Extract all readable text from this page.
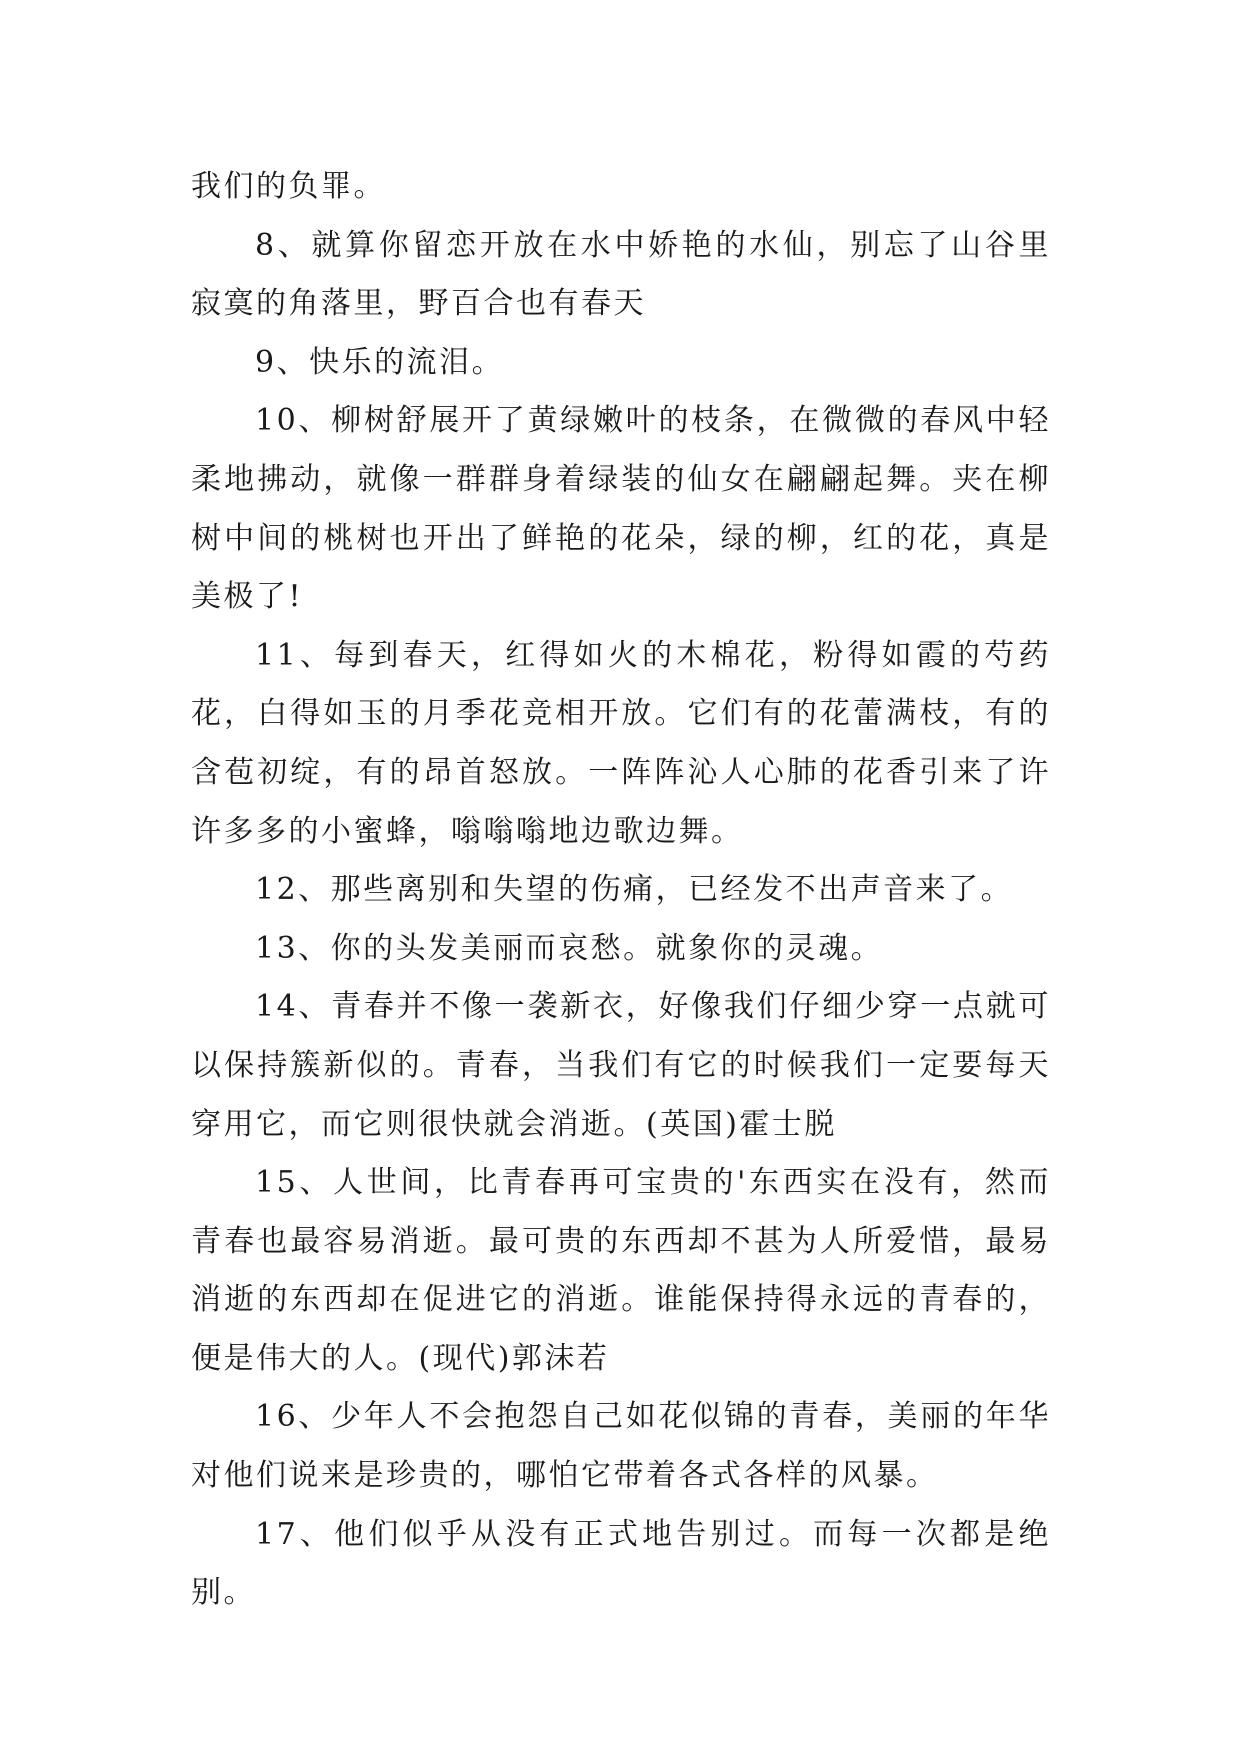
我们的负罪。

8、就算你留恋开放在水中娇艳的水仙，别忘了山谷里寂寞的角落里，野百合也有春天

9、快乐的流泪。

10、柳树舒展开了黄绿嫩叶的枝条，在微微的春风中轻柔地拂动，就像一群群身着绿装的仙女在翩翩起舞。夹在柳树中间的桃树也开出了鲜艳的花朵，绿的柳，红的花，真是美极了!

11、每到春天，红得如火的木棉花，粉得如霞的芍药花，白得如玉的月季花竞相开放。它们有的花蕾满枝，有的含苞初绽，有的昂首怒放。一阵阵沁人心肺的花香引来了许许多多的小蜜蜂，嗡嗡嗡地边歌边舞。

12、那些离别和失望的伤痛，已经发不出声音来了。

13、你的头发美丽而哀愁。就象你的灵魂。

14、青春并不像一袭新衣，好像我们仔细少穿一点就可以保持簇新似的。青春，当我们有它的时候我们一定要每天穿用它，而它则很快就会消逝。(英国)霍士脱

15、人世间，比青春再可宝贵的'东西实在没有，然而青春也最容易消逝。最可贵的东西却不甚为人所爱惜，最易消逝的东西却在促进它的消逝。谁能保持得永远的青春的，便是伟大的人。(现代)郭沫若

16、少年人不会抱怨自己如花似锦的青春，美丽的年华对他们说来是珍贵的，哪怕它带着各式各样的风暴。

17、他们似乎从没有正式地告别过。而每一次都是绝别。
